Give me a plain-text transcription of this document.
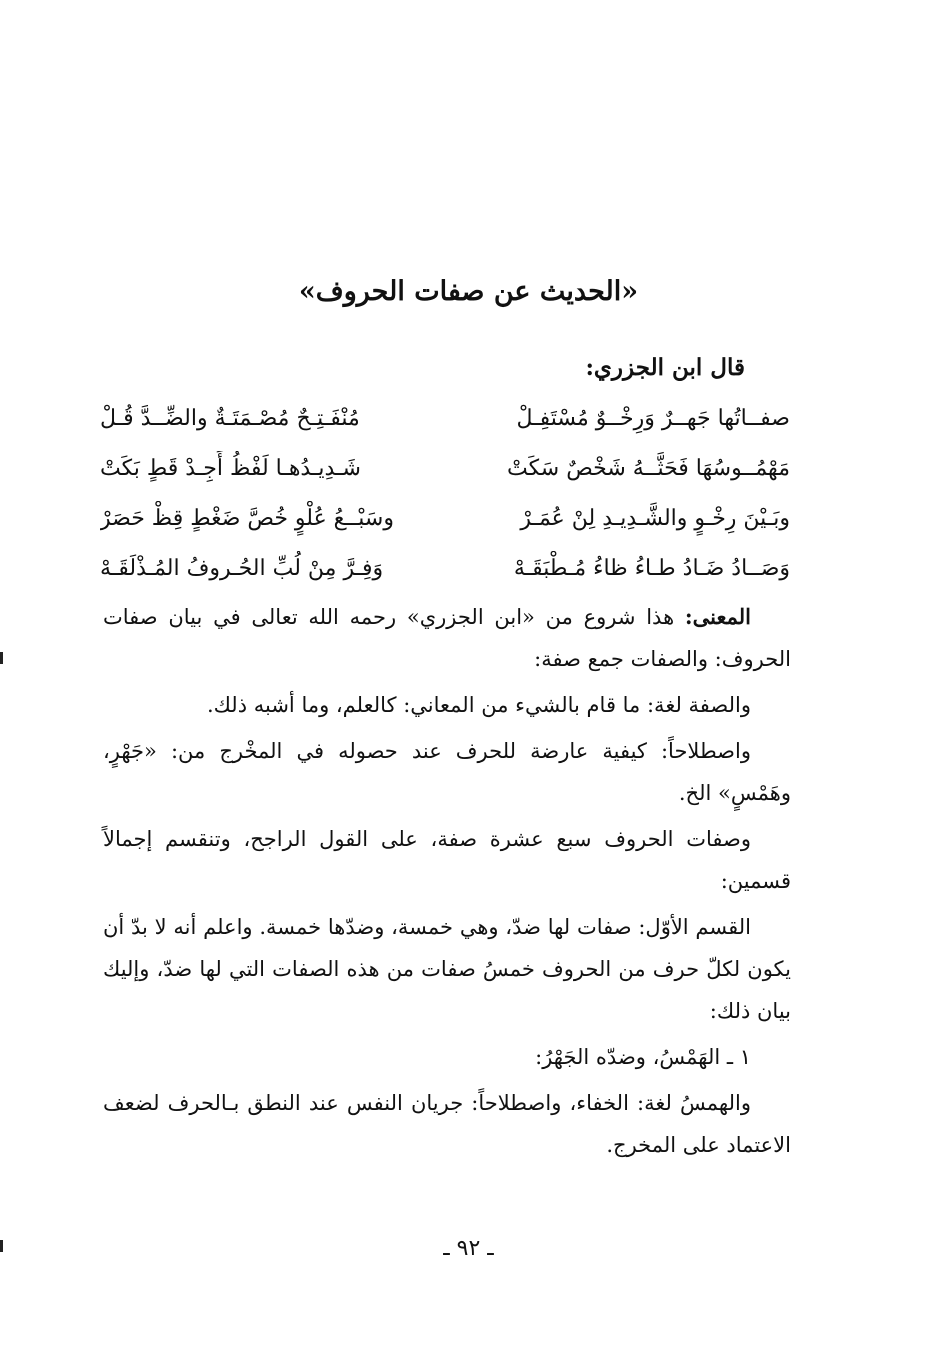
«الحديث عن صفات الحروف»
قال ابن الجزري:
صفــاتُها جَهــرٌ وَرِخْــوٌ مُسْتَفِـلْ
مُنْفَـتِـحٌ مُصْـمَتَـةٌ والضِّــدَّ قُـلْ
مَهْمُــوسُهَا فَحَثَّــهُ شَخْصٌ سَكَتْ
شَـدِيـدُهـا لَفْظُ أَجِـدْ قَطٍ بَكَتْ
وبَـيْنَ رِخْـوٍ والشَّـدِيـدِ لِنْ عُمَـرْ
وسَبْــعُ عُلْوٍ خُصَّ ضَغْطٍ قِظْ حَصَرْ
وَصَــادُ ضَـادُ طـاءُ ظاءُ مُـطْبَقَـهْ
وَفِـرَّ مِنْ لُبِّ الحُـروفُ المُـذْلَقَـهْ

المعنى: هذا شروع من «ابن الجزري» رحمه الله تعالى في بيان صفات الحروف: والصفات جمع صفة:

والصفة لغة: ما قام بالشيء من المعاني: كالعلم، وما أشبه ذلك.

واصطلاحاً: كيفية عارضة للحرف عند حصوله في المخْرج من: «جَهْرٍ، وهَمْسٍ» الخ.

وصفات الحروف سبع عشرة صفة، على القول الراجح، وتنقسم إجمالاً قسمين:

القسم الأوّل: صفات لها ضدّ، وهي خمسة، وضدّها خمسة. واعلم أنه لا بدّ أن يكون لكلّ حرف من الحروف خمسُ صفات من هذه الصفات التي لها ضدّ، وإليك بيان ذلك:

١ ـ الهَمْسُ، وضدّه الجَهْرُ:

والهمسُ لغة: الخفاء، واصطلاحاً: جريان النفس عند النطق بـالحرف لضعف الاعتماد على المخرج.

ـ ٩٢ ـ
